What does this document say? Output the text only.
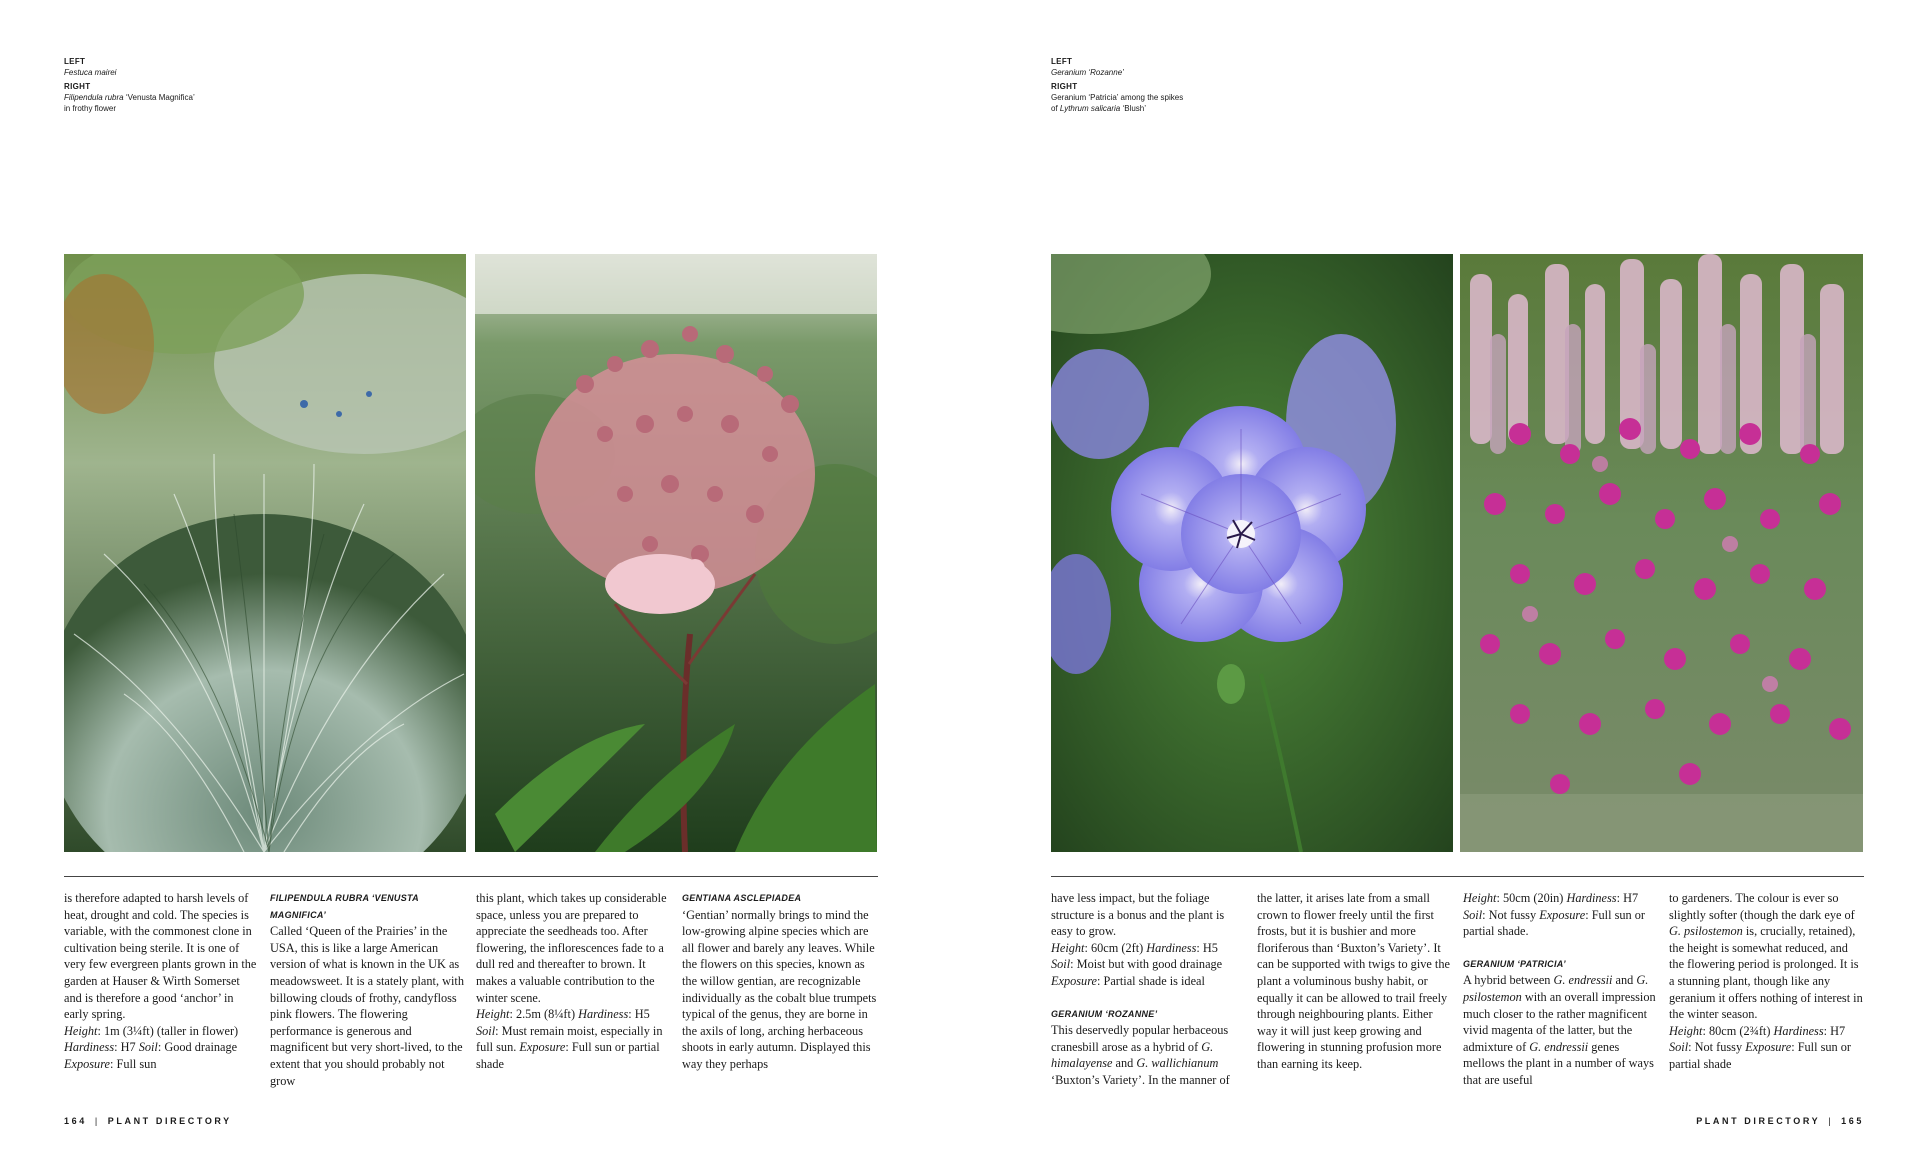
LEFT
Festuca mairei
RIGHT
Filipendula rubra ‘Venusta Magnifica’
in frothy flower

is therefore adapted to harsh levels of heat, drought and cold. The species is variable, with the commonest clone in cultivation being sterile. It is one of very few evergreen plants grown in the garden at Hauser & Wirth Somerset and is therefore a good ‘anchor’ in early spring.

Height: 1m (3¼ft) (taller in flower)
Hardiness: H7 Soil: Good drainage
Exposure: Full sun

FILIPENDULA RUBRA ‘VENUSTA MAGNIFICA’

Called ‘Queen of the Prairies’ in the USA, this is like a large American version of what is known in the UK as meadowsweet. It is a stately plant, with billowing clouds of frothy, candyfloss pink flowers. The flowering performance is generous and magnificent but very short-lived, to the extent that you should probably not grow

this plant, which takes up considerable space, unless you are prepared to appreciate the seedheads too. After flowering, the inflorescences fade to a dull red and thereafter to brown. It makes a valuable contribution to the winter scene.

Height: 2.5m (8¼ft) Hardiness: H5
Soil: Must remain moist, especially in full sun. Exposure: Full sun or partial shade

GENTIANA ASCLEPIADEA

‘Gentian’ normally brings to mind the low-growing alpine species which are all flower and barely any leaves. While the flowers on this species, known as the willow gentian, are recognizable individually as the cobalt blue trumpets typical of the genus, they are borne in the axils of long, arching herbaceous shoots in early autumn. Displayed this way they perhaps

164 | PLANT DIRECTORY
LEFT
Geranium ‘Rozanne’
RIGHT
Geranium ‘Patricia’ among the spikes
of Lythrum salicaria ‘Blush’

have less impact, but the foliage structure is a bonus and the plant is easy to grow.

Height: 60cm (2ft) Hardiness: H5
Soil: Moist but with good drainage
Exposure: Partial shade is ideal

GERANIUM ‘ROZANNE’

This deservedly popular herbaceous cranesbill arose as a hybrid of G. himalayense and G. wallichianum ‘Buxton’s Variety’. In the manner of

the latter, it arises late from a small crown to flower freely until the first frosts, but it is bushier and more floriferous than ‘Buxton’s Variety’. It can be supported with twigs to give the plant a voluminous bushy habit, or equally it can be allowed to trail freely through neighbouring plants. Either way it will just keep growing and flowering in stunning profusion more than earning its keep.

Height: 50cm (20in) Hardiness: H7
Soil: Not fussy Exposure: Full sun or partial shade.

GERANIUM ‘PATRICIA’

A hybrid between G. endressii and G. psilostemon with an overall impression much closer to the rather magnificent vivid magenta of the latter, but the admixture of G. endressii genes mellows the plant in a number of ways that are useful

to gardeners. The colour is ever so slightly softer (though the dark eye of G. psilostemon is, crucially, retained), the height is somewhat reduced, and the flowering period is prolonged. It is a stunning plant, though like any geranium it offers nothing of interest in the winter season.

Height: 80cm (2¾ft) Hardiness: H7
Soil: Not fussy Exposure: Full sun or partial shade

PLANT DIRECTORY | 165
